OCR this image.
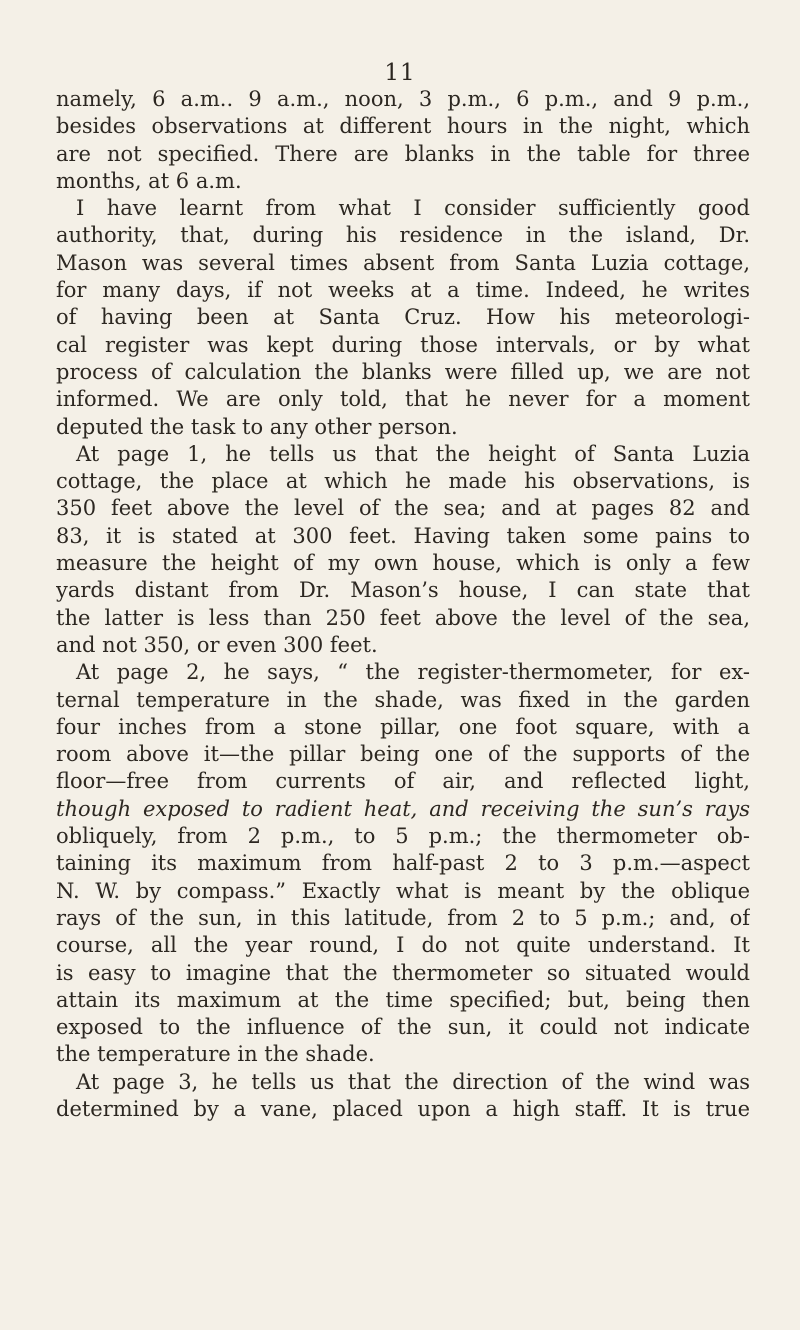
11
namely, 6 a.m.. 9 a.m., noon, 3 p.m., 6 p.m., and 9 p.m.,
besides observations at different hours in the night, which
are not specified. There are blanks in the table for three
months, at 6 a.m.
I have learnt from what I consider sufficiently good
authority, that, during his residence in the island, Dr.
Mason was several times absent from Santa Luzia cottage,
for many days, if not weeks at a time. Indeed, he writes
of having been at Santa Cruz. How his meteorologi-
cal register was kept during those intervals, or by what
process of calculation the blanks were filled up, we are not
informed. We are only told, that he never for a moment
deputed the task to any other person.
At page 1, he tells us that the height of Santa Luzia
cottage, the place at which he made his observations, is
350 feet above the level of the sea; and at pages 82 and
83, it is stated at 300 feet. Having taken some pains to
measure the height of my own house, which is only a few
yards distant from Dr. Mason’s house, I can state that
the latter is less than 250 feet above the level of the sea,
and not 350, or even 300 feet.
At page 2, he says, “ the register-thermometer, for ex-
ternal temperature in the shade, was fixed in the garden
four inches from a stone pillar, one foot square, with a
room above it—the pillar being one of the supports of the
floor—free from currents of air, and reflected light,
though exposed to radient heat, and receiving the sun’s rays
obliquely, from 2 p.m., to 5 p.m.; the thermometer ob-
taining its maximum from half-past 2 to 3 p.m.—aspect
N. W. by compass.” Exactly what is meant by the oblique
rays of the sun, in this latitude, from 2 to 5 p.m.; and, of
course, all the year round, I do not quite understand. It
is easy to imagine that the thermometer so situated would
attain its maximum at the time specified; but, being then
exposed to the influence of the sun, it could not indicate
the temperature in the shade.
At page 3, he tells us that the direction of the wind was
determined by a vane, placed upon a high staff. It is true
